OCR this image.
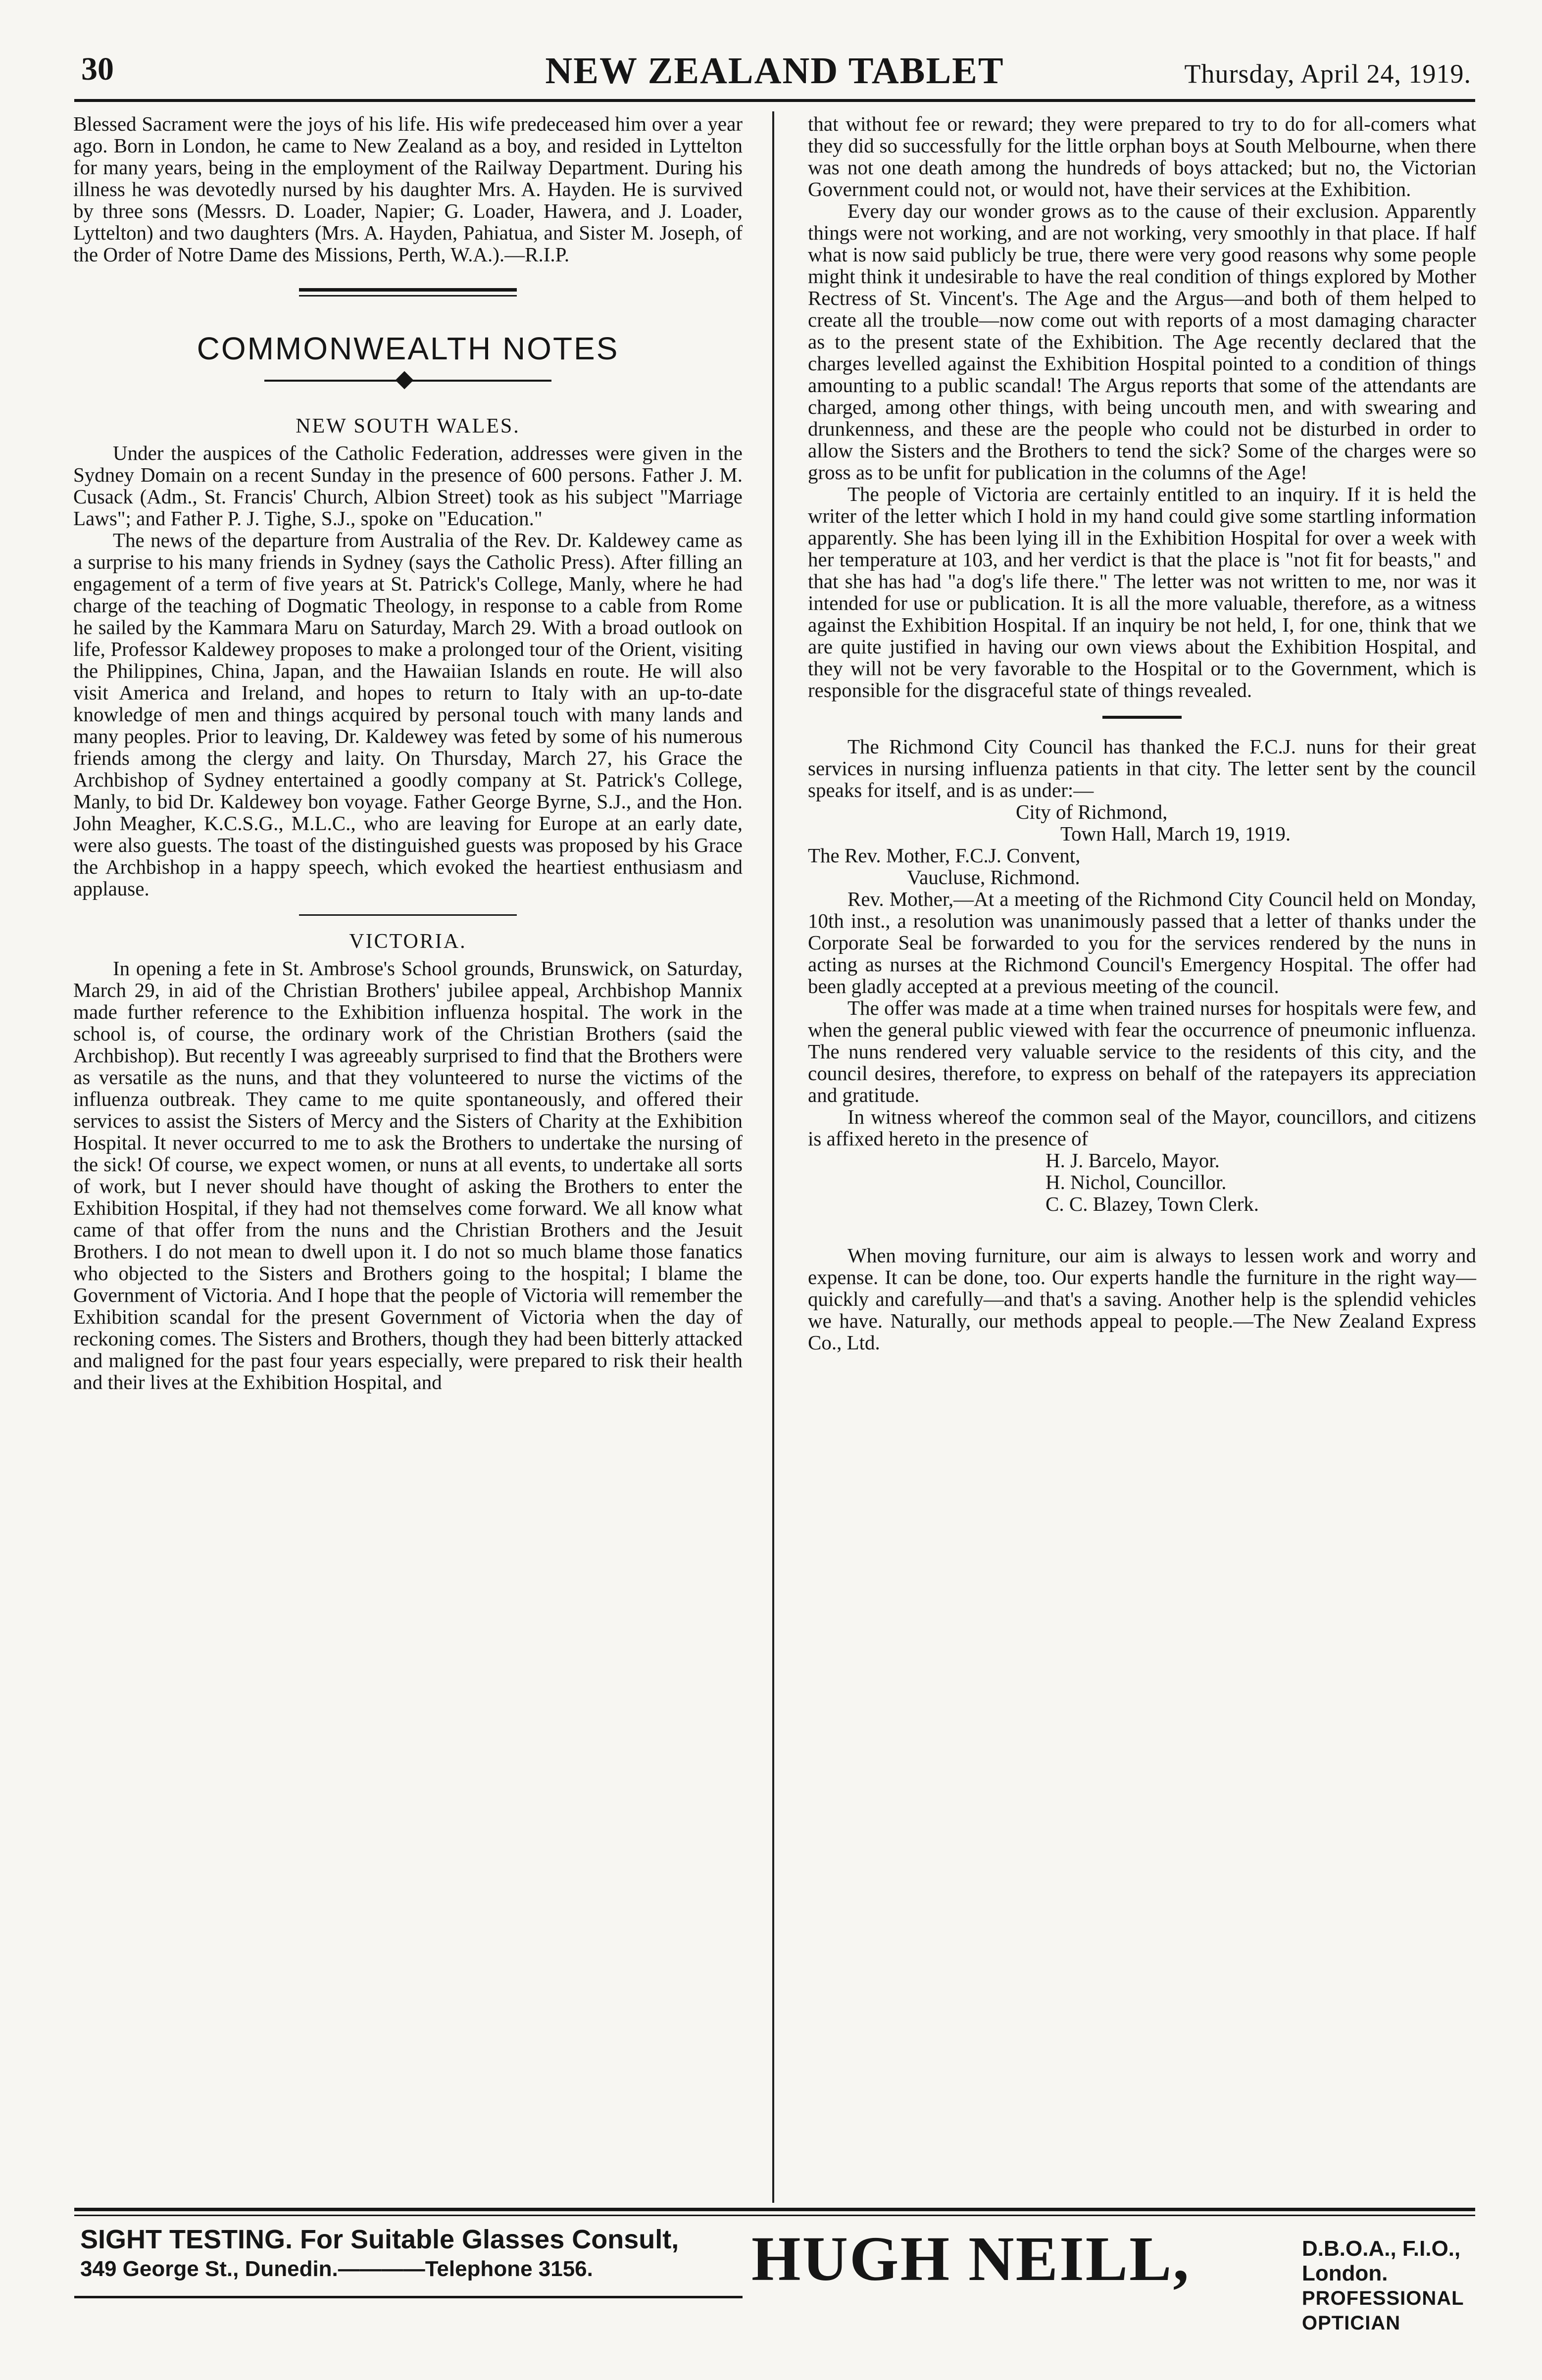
30	NEW ZEALAND TABLET	Thursday, April 24, 1919.

Blessed Sacrament were the joys of his life. His wife predeceased him over a year ago. Born in London, he came to New Zealand as a boy, and resided in Lyttelton for many years, being in the employment of the Railway Department. During his illness he was devotedly nursed by his daughter Mrs. A. Hayden. He is survived by three sons (Messrs. D. Loader, Napier; G. Loader, Hawera, and J. Loader, Lyttelton) and two daughters (Mrs. A. Hayden, Pahiatua, and Sister M. Joseph, of the Order of Notre Dame des Missions, Perth, W.A.).—R.I.P.

COMMONWEALTH NOTES
NEW SOUTH WALES.

Under the auspices of the Catholic Federation, addresses were given in the Sydney Domain on a recent Sunday in the presence of 600 persons. Father J. M. Cusack (Adm., St. Francis' Church, Albion Street) took as his subject "Marriage Laws"; and Father P. J. Tighe, S.J., spoke on "Education."

The news of the departure from Australia of the Rev. Dr. Kaldewey came as a surprise to his many friends in Sydney (says the Catholic Press). After filling an engagement of a term of five years at St. Patrick's College, Manly, where he had charge of the teaching of Dogmatic Theology, in response to a cable from Rome he sailed by the Kammara Maru on Saturday, March 29. With a broad outlook on life, Professor Kaldewey proposes to make a prolonged tour of the Orient, visiting the Philippines, China, Japan, and the Hawaiian Islands en route. He will also visit America and Ireland, and hopes to return to Italy with an up-to-date knowledge of men and things acquired by personal touch with many lands and many peoples. Prior to leaving, Dr. Kaldewey was feted by some of his numerous friends among the clergy and laity. On Thursday, March 27, his Grace the Archbishop of Sydney entertained a goodly company at St. Patrick's College, Manly, to bid Dr. Kaldewey bon voyage. Father George Byrne, S.J., and the Hon. John Meagher, K.C.S.G., M.L.C., who are leaving for Europe at an early date, were also guests. The toast of the distinguished guests was proposed by his Grace the Archbishop in a happy speech, which evoked the heartiest enthusiasm and applause.

VICTORIA.

In opening a fete in St. Ambrose's School grounds, Brunswick, on Saturday, March 29, in aid of the Christian Brothers' jubilee appeal, Archbishop Mannix made further reference to the Exhibition influenza hospital. The work in the school is, of course, the ordinary work of the Christian Brothers (said the Archbishop). But recently I was agreeably surprised to find that the Brothers were as versatile as the nuns, and that they volunteered to nurse the victims of the influenza outbreak. They came to me quite spontaneously, and offered their services to assist the Sisters of Mercy and the Sisters of Charity at the Exhibition Hospital. It never occurred to me to ask the Brothers to undertake the nursing of the sick! Of course, we expect women, or nuns at all events, to undertake all sorts of work, but I never should have thought of asking the Brothers to enter the Exhibition Hospital, if they had not themselves come forward. We all know what came of that offer from the nuns and the Christian Brothers and the Jesuit Brothers. I do not mean to dwell upon it. I do not so much blame those fanatics who objected to the Sisters and Brothers going to the hospital; I blame the Government of Victoria. And I hope that the people of Victoria will remember the Exhibition scandal for the present Government of Victoria when the day of reckoning comes. The Sisters and Brothers, though they had been bitterly attacked and maligned for the past four years especially, were prepared to risk their health and their lives at the Exhibition Hospital, and

that without fee or reward; they were prepared to try to do for all-comers what they did so successfully for the little orphan boys at South Melbourne, when there was not one death among the hundreds of boys attacked; but no, the Victorian Government could not, or would not, have their services at the Exhibition.

Every day our wonder grows as to the cause of their exclusion. Apparently things were not working, and are not working, very smoothly in that place. If half what is now said publicly be true, there were very good reasons why some people might think it undesirable to have the real condition of things explored by Mother Rectress of St. Vincent's. The Age and the Argus—and both of them helped to create all the trouble—now come out with reports of a most damaging character as to the present state of the Exhibition. The Age recently declared that the charges levelled against the Exhibition Hospital pointed to a condition of things amounting to a public scandal! The Argus reports that some of the attendants are charged, among other things, with being uncouth men, and with swearing and drunkenness, and these are the people who could not be disturbed in order to allow the Sisters and the Brothers to tend the sick? Some of the charges were so gross as to be unfit for publication in the columns of the Age!

The people of Victoria are certainly entitled to an inquiry. If it is held the writer of the letter which I hold in my hand could give some startling information apparently. She has been lying ill in the Exhibition Hospital for over a week with her temperature at 103, and her verdict is that the place is "not fit for beasts," and that she has had "a dog's life there." The letter was not written to me, nor was it intended for use or publication. It is all the more valuable, therefore, as a witness against the Exhibition Hospital. If an inquiry be not held, I, for one, think that we are quite justified in having our own views about the Exhibition Hospital, and they will not be very favorable to the Hospital or to the Government, which is responsible for the disgraceful state of things revealed.

The Richmond City Council has thanked the F.C.J. nuns for their great services in nursing influenza patients in that city. The letter sent by the council speaks for itself, and is as under:—

City of Richmond,

Town Hall, March 19, 1919.

The Rev. Mother, F.C.J. Convent,

Vaucluse, Richmond.

Rev. Mother,—At a meeting of the Richmond City Council held on Monday, 10th inst., a resolution was unanimously passed that a letter of thanks under the Corporate Seal be forwarded to you for the services rendered by the nuns in acting as nurses at the Richmond Council's Emergency Hospital. The offer had been gladly accepted at a previous meeting of the council.

The offer was made at a time when trained nurses for hospitals were few, and when the general public viewed with fear the occurrence of pneumonic influenza. The nuns rendered very valuable service to the residents of this city, and the council desires, therefore, to express on behalf of the ratepayers its appreciation and gratitude.

In witness whereof the common seal of the Mayor, councillors, and citizens is affixed hereto in the presence of

H. J. Barcelo, Mayor.

H. Nichol, Councillor.

C. C. Blazey, Town Clerk.

When moving furniture, our aim is always to lessen work and worry and expense. It can be done, too. Our experts handle the furniture in the right way—quickly and carefully—and that's a saving. Another help is the splendid vehicles we have. Naturally, our methods appeal to people.—The New Zealand Express Co., Ltd.

SIGHT TESTING. For Suitable Glasses Consult,
349 George St., Dunedin.————Telephone 3156.	HUGH NEILL,	D.B.O.A., F.I.O., London.
PROFESSIONAL OPTICIAN
